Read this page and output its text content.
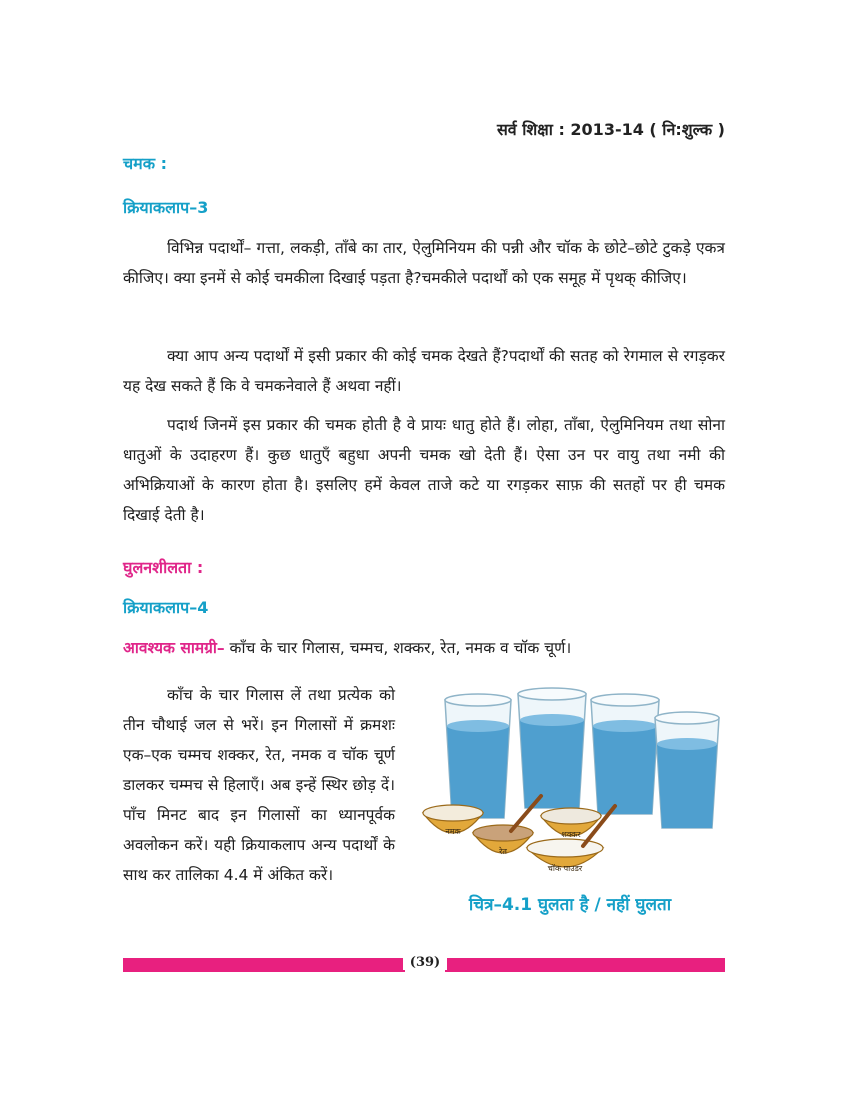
सर्व शिक्षा : 2013-14 ( नि:शुल्क )
चमक :
क्रियाकलाप–3

विभिन्न पदार्थों– गत्ता, लकड़ी, ताँबे का तार, ऐलुमिनियम की पन्नी और चॉक के छोटे–छोटे टुकड़े एकत्र कीजिए। क्या इनमें से कोई चमकीला दिखाई पड़ता है?चमकीले पदार्थों को एक समूह में पृथक् कीजिए।

क्या आप अन्य पदार्थों में इसी प्रकार की कोई चमक देखते हैं?पदार्थों की सतह को रेगमाल से रगड़कर यह देख सकते हैं कि वे चमकनेवाले हैं अथवा नहीं।

पदार्थ जिनमें इस प्रकार की चमक होती है वे प्रायः धातु होते हैं। लोहा, ताँबा, ऐलुमिनियम तथा सोना धातुओं के उदाहरण हैं। कुछ धातुएँ बहुधा अपनी चमक खो देती हैं। ऐसा उन पर वायु तथा नमी की अभिक्रियाओं के कारण होता है। इसलिए हमें केवल ताजे कटे या रगड़कर साफ़ की सतहों पर ही चमक दिखाई देती है।

घुलनशीलता :
क्रियाकलाप–4
आवश्यक सामग्री– काँच के चार गिलास, चम्मच, शक्कर, रेत, नमक व चॉक चूर्ण।

काँच के चार गिलास लें तथा प्रत्येक को तीन चौथाई जल से भरें। इन गिलासों में क्रमशः एक–एक चम्मच शक्कर, रेत, नमक व चॉक चूर्ण डालकर चम्मच से हिलाएँ। अब इन्हें स्थिर छोड़ दें। पाँच मिनट बाद इन गिलासों का ध्यानपूर्वक अवलोकन करें। यही क्रियाकलाप अन्य पदार्थों के साथ कर तालिका 4.4 में अंकित करें।

नमक
रेत
शक्कर
चॉक पाउडर
चित्र–4.1 घुलता है / नहीं घुलता
(39)
